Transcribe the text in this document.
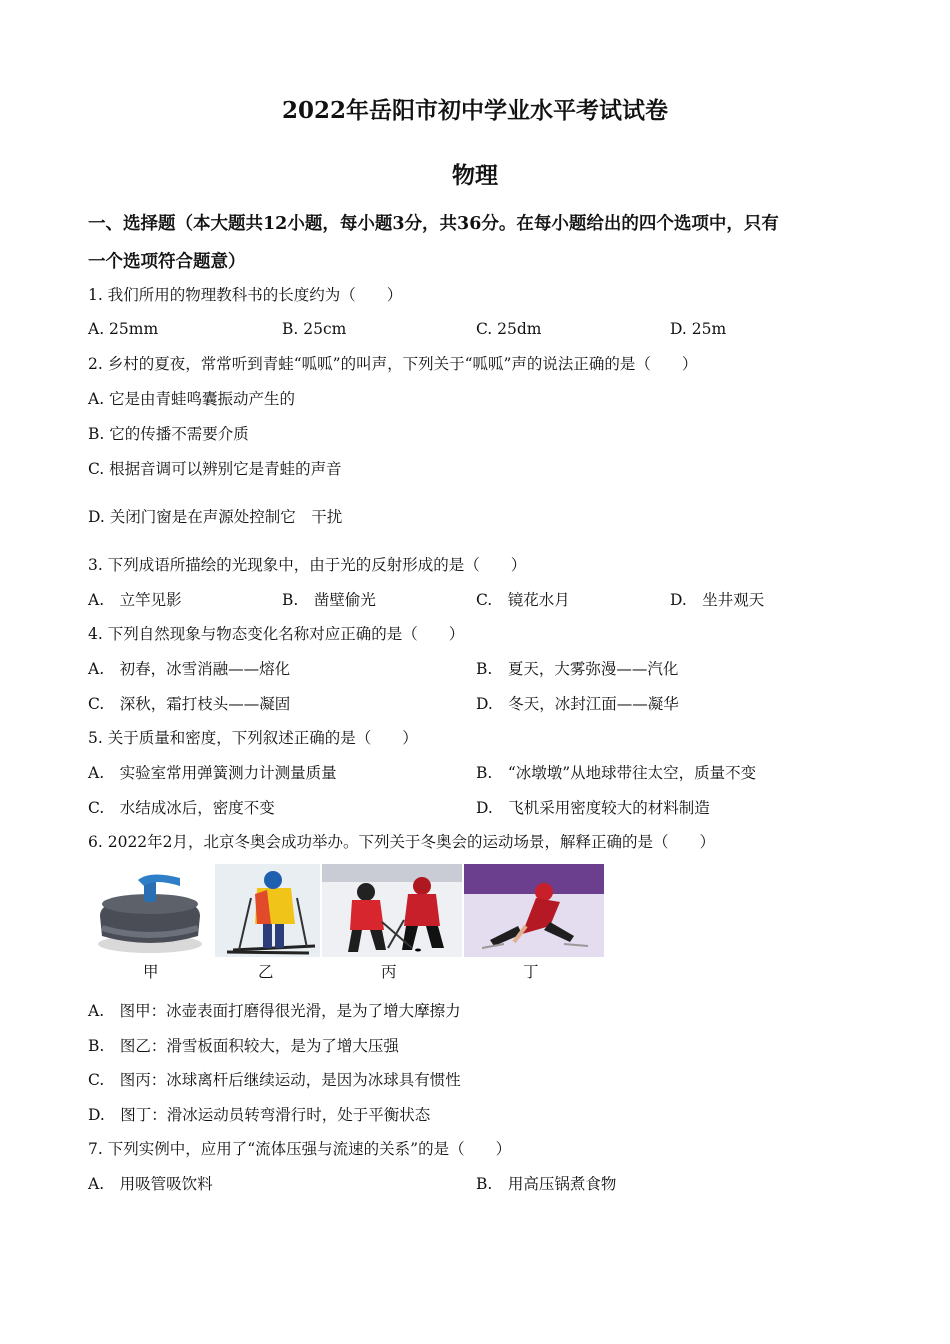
2022年岳阳市初中学业水平考试试卷
物理
一、选择题（本大题共12小题，每小题3分，共36分。在每小题给出的四个选项中，只有
一个选项符合题意）
1. 我们所用的物理教科书的长度约为（　　）
A. 25mm	B. 25cm	C. 25dm	D. 25m
2. 乡村的夏夜，常常听到青蛙“呱呱”的叫声，下列关于“呱呱”声的说法正确的是（　　）
A. 它是由青蛙鸣囊振动产生的
B. 它的传播不需要介质
C. 根据音调可以辨别它是青蛙的声音
D. 关闭门窗是在声源处控制它　干扰
3. 下列成语所描绘的光现象中，由于光的反射形成的是（　　）
A.　立竿见影	B.　凿壁偷光	C.　镜花水月	D.　坐井观天
4. 下列自然现象与物态变化名称对应正确的是（　　）
A.　初春，冰雪消融——熔化	B.　夏天，大雾弥漫——汽化
C.　深秋，霜打枝头——凝固	D.　冬天，冰封江面——凝华
5. 关于质量和密度，下列叙述正确的是（　　）
A.　实验室常用弹簧测力计测量质量	B.　“冰墩墩”从地球带往太空，质量不变
C.　水结成冰后，密度不变	D.　飞机采用密度较大的材料制造
6. 2022年2月，北京冬奥会成功举办。下列关于冬奥会的运动场景，解释正确的是（　　）
甲	乙	丙	丁
A.　图甲：冰壶表面打磨得很光滑，是为了增大摩擦力
B.　图乙：滑雪板面积较大，是为了增大压强
C.　图丙：冰球离杆后继续运动，是因为冰球具有惯性
D.　图丁：滑冰运动员转弯滑行时，处于平衡状态
7. 下列实例中，应用了“流体压强与流速的关系”的是（　　）
A.　用吸管吸饮料	B.　用高压锅煮食物
